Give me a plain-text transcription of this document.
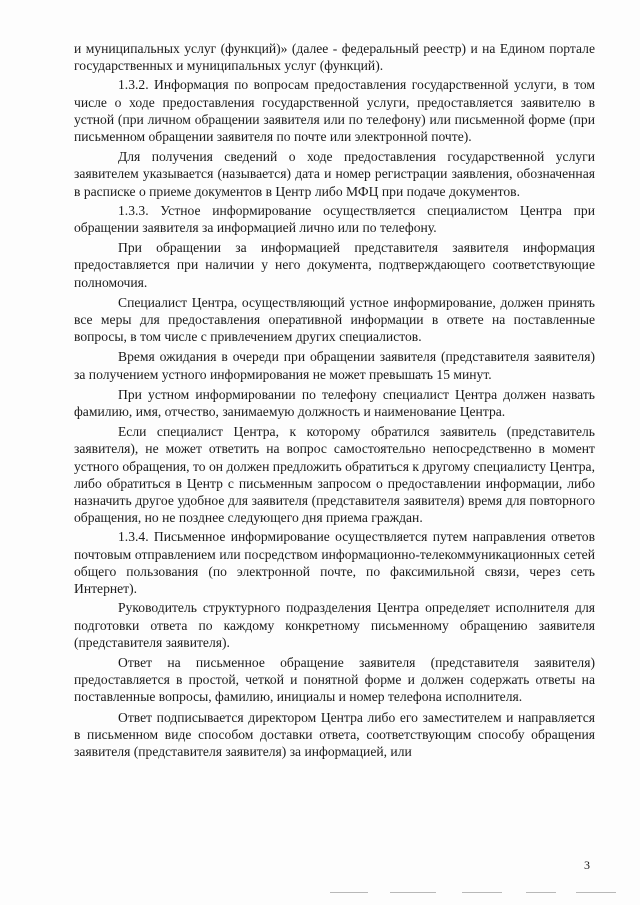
и муниципальных услуг (функций)» (далее - федеральный реестр) и на Едином портале государственных и муниципальных услуг (функций).

1.3.2. Информация по вопросам предоставления государственной услуги, в том числе о ходе предоставления государственной услуги, предоставляется заявителю в устной (при личном обращении заявителя или по телефону) или письменной форме (при письменном обращении заявителя по почте или электронной почте).

Для получения сведений о ходе предоставления государственной услуги заявителем указывается (называется) дата и номер регистрации заявления, обозначенная в расписке о приеме документов в Центр либо МФЦ при подаче документов.

1.3.3. Устное информирование осуществляется специалистом Центра при обращении заявителя за информацией лично или по телефону.

При обращении за информацией представителя заявителя информация предоставляется при наличии у него документа, подтверждающего соответствующие полномочия.

Специалист Центра, осуществляющий устное информирование, должен принять все меры для предоставления оперативной информации в ответе на поставленные вопросы, в том числе с привлечением других специалистов.

Время ожидания в очереди при обращении заявителя (представителя заявителя) за получением устного информирования не может превышать 15 минут.

При устном информировании по телефону специалист Центра должен назвать фамилию, имя, отчество, занимаемую должность и наименование Центра.

Если специалист Центра, к которому обратился заявитель (представитель заявителя), не может ответить на вопрос самостоятельно непосредственно в момент устного обращения, то он должен предложить обратиться к другому специалисту Центра, либо обратиться в Центр с письменным запросом о предоставлении информации, либо назначить другое удобное для заявителя (представителя заявителя) время для повторного обращения, но не позднее следующего дня приема граждан.

1.3.4. Письменное информирование осуществляется путем направления ответов почтовым отправлением или посредством информационно-телекоммуникационных сетей общего пользования (по электронной почте, по факсимильной связи, через сеть Интернет).

Руководитель структурного подразделения Центра определяет исполнителя для подготовки ответа по каждому конкретному письменному обращению заявителя (представителя заявителя).

Ответ на письменное обращение заявителя (представителя заявителя) предоставляется в простой, четкой и понятной форме и должен содержать ответы на поставленные вопросы, фамилию, инициалы и номер телефона исполнителя.

Ответ подписывается директором Центра либо его заместителем и направляется в письменном виде способом доставки ответа, соответствующим способу обращения заявителя (представителя заявителя) за информацией, или

3
